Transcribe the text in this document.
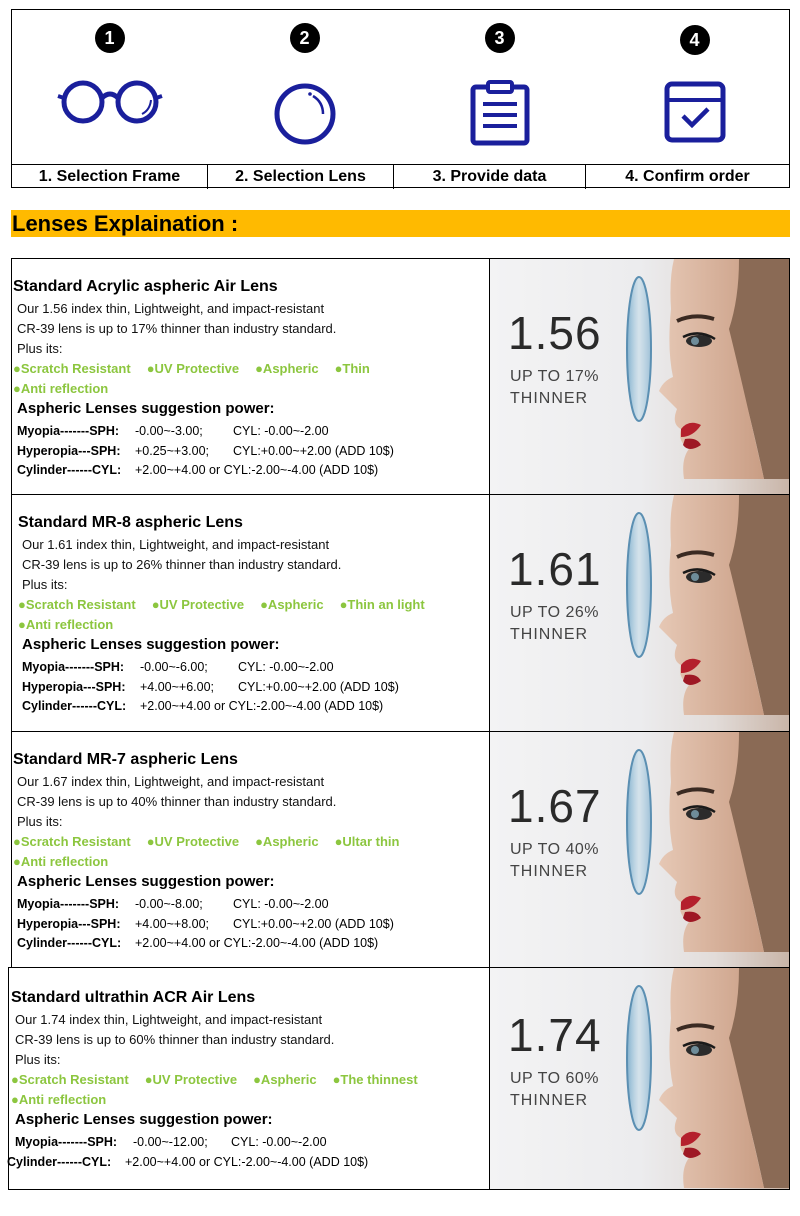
1	2	3	4
1. Selection Frame	2. Selection Lens	3. Provide data	4. Confirm order
Lenses Explaination :
Standard Acrylic aspheric Air Lens
Our 1.56 index thin, Lightweight, and impact-resistant
CR-39 lens is up to 17% thinner than industry standard.
Plus its:
●Scratch Resistant ●UV Protective ●Aspheric ●Thin
●Anti reflection
Aspheric Lenses suggestion power:
Myopia-------SPH: -0.00~-3.00; CYL: -0.00~-2.00
Hyperopia---SPH: +0.25~+3.00; CYL:+0.00~+2.00 (ADD 10$)
Cylinder------CYL: +2.00~+4.00 or CYL:-2.00~-4.00 (ADD 10$)
1.56
UP TO 17%
THINNER
Standard MR-8 aspheric Lens
Our 1.61 index thin, Lightweight, and impact-resistant
CR-39 lens is up to 26% thinner than industry standard.
Plus its:
●Scratch Resistant ●UV Protective ●Aspheric ●Thin an light
●Anti reflection
Aspheric Lenses suggestion power:
Myopia-------SPH: -0.00~-6.00; CYL: -0.00~-2.00
Hyperopia---SPH: +4.00~+6.00; CYL:+0.00~+2.00 (ADD 10$)
Cylinder------CYL: +2.00~+4.00 or CYL:-2.00~-4.00 (ADD 10$)
1.61
UP TO 26%
THINNER
Standard MR-7 aspheric Lens
Our 1.67 index thin, Lightweight, and impact-resistant
CR-39 lens is up to 40% thinner than industry standard.
Plus its:
●Scratch Resistant ●UV Protective ●Aspheric ●Ultar thin
●Anti reflection
Aspheric Lenses suggestion power:
Myopia-------SPH: -0.00~-8.00; CYL: -0.00~-2.00
Hyperopia---SPH: +4.00~+8.00; CYL:+0.00~+2.00 (ADD 10$)
Cylinder------CYL: +2.00~+4.00 or CYL:-2.00~-4.00 (ADD 10$)
1.67
UP TO 40%
THINNER
Standard ultrathin ACR Air Lens
Our 1.74 index thin, Lightweight, and impact-resistant
CR-39 lens is up to 60% thinner than industry standard.
Plus its:
●Scratch Resistant ●UV Protective ●Aspheric ●The thinnest
●Anti reflection
Aspheric Lenses suggestion power:
Myopia-------SPH: -0.00~-12.00; CYL: -0.00~-2.00
Cylinder------CYL: +2.00~+4.00 or CYL:-2.00~-4.00 (ADD 10$)
1.74
UP TO 60%
THINNER
